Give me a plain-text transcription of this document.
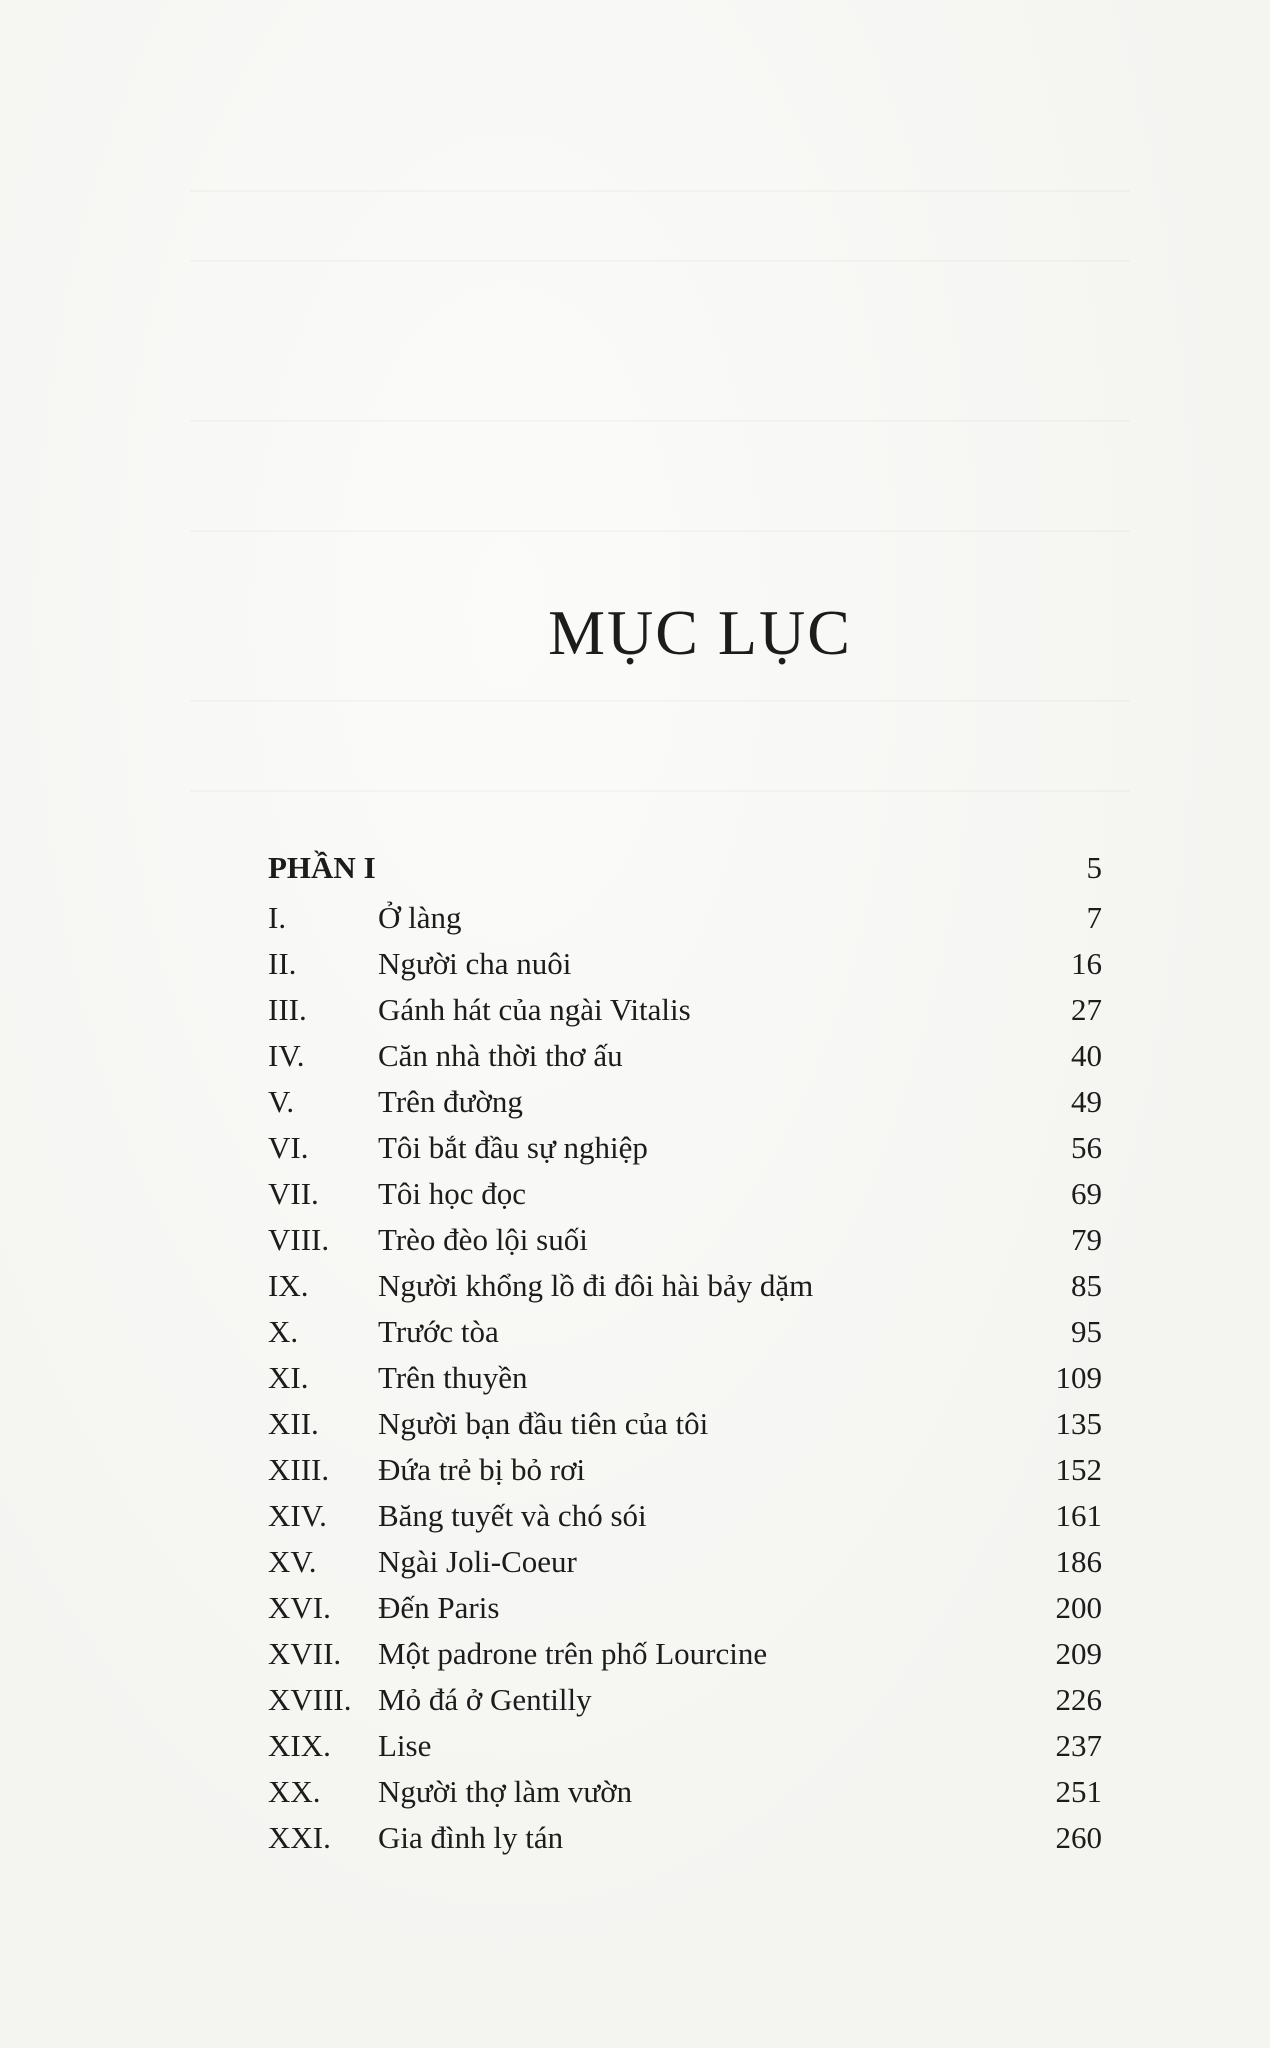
MỤC LỤC
PHẦN I	5
I.	Ở làng	7
II.	Người cha nuôi	16
III. Gánh hát của ngài Vitalis	27
IV. Căn nhà thời thơ ấu	40
V.	Trên đường	49
VI. Tôi bắt đầu sự nghiệp	56
VII. Tôi học đọc	69
VIII. Trèo đèo lội suối	79
IX. Người khổng lồ đi đôi hài bảy dặm	85
X.	Trước tòa	95
XI. Trên thuyền	109
XII. Người bạn đầu tiên của tôi	135
XIII. Đứa trẻ bị bỏ rơi	152
XIV. Băng tuyết và chó sói	161
XV. Ngài Joli-Coeur	186
XVI. Đến Paris	200
XVII. Một padrone trên phố Lourcine	209
XVIII. Mỏ đá ở Gentilly	226
XIX. Lise	237
XX. Người thợ làm vườn	251
XXI. Gia đình ly tán	260
